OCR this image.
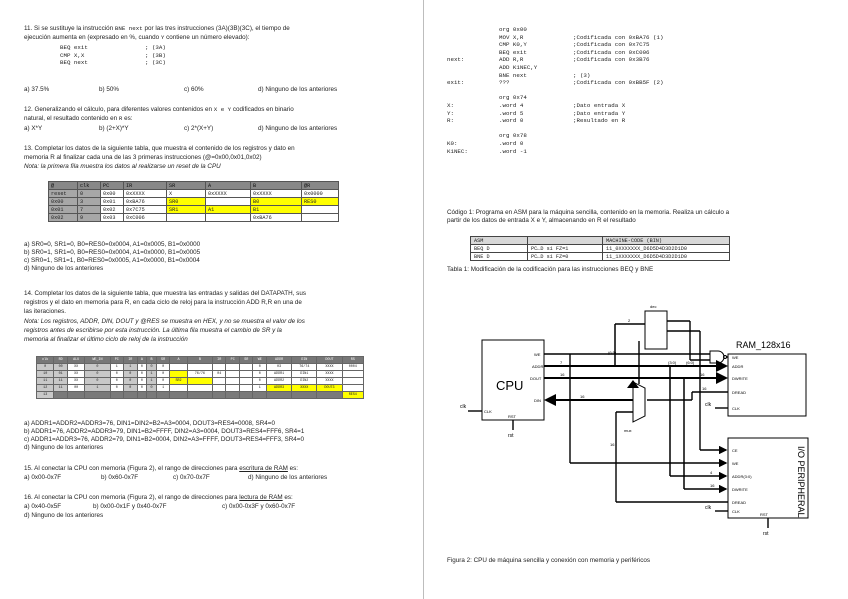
11. Si se sustituye la instrucción BNE next por las tres instrucciones (3A)(3B)(3C), el tiempo de
ejecución aumenta en (expresado en %, cuando Y contiene un número elevado):
BEQ exit	; (3A)
CMP X,X	; (3B)
BEQ next	; (3C)
a) 37.5%	b) 50%	c) 60%	d) Ninguno de los anteriores
12. Generalizando el cálculo, para diferentes valores contenidos en X e Y codificados en binario
natural, el resultado contenido en R es:
a) X*Y	b) (2+X)*Y	c) 2*(X+Y)	d) Ninguno de los anteriores
13. Completar los datos de la siguiente tabla, que muestra el contenido de los registros y dato en
memoria R al finalizar cada una de las 3 primeras instrucciones (@=0x00,0x01,0x02)
Nota: la primera fila muestra los datos al realizarse un reset de la CPU
@	clk	PC	IR	SR	A	B	@R
reset	0	0x00	0xXXXX	X	0xXXXX	0xXXXX	0x0000
0x00	3	0x01	0xBA76	SR0		B0	RES0
0x01	7	0x02	0x7C75	SR1	A1	B1	
0x02	9	0x03	0xC006			0xBA76	
a) SR0=0, SR1=0, B0=RES0=0x0004, A1=0x0005, B1=0x0000
b) SR0=1, SR1=0, B0=RES0=0x0004, A1=0x0000, B1=0x0005
c) SR0=1, SR1=1, B0=RES0=0x0005, A1=0x0000, B1=0x0004
d) Ninguno de los anteriores
14. Completar los datos de la siguiente tabla, que muestra las entradas y salidas del DATAPATH, sus
registros y el dato en memoria para R, en cada ciclo de reloj para la instrucción ADD R,R en una de
las iteraciones.
Nota: Los registros, ADDR, DIN, DOUT y @RES se muestra en HEX, y no se muestra el valor de los
registros antes de escribirse por esta instrucción. La última fila muestra el cambio de SR y la
memoria al finalizar el último ciclo de reloj de la instrucción
clk	RD	ALU	WE_IN	PC	IR	A	B	SR	A	B	IR	PC	SR	WE	ADDR	DIN	DOUT	RS
0	00	XX	0	1	1	0	0	0						0	03	76/74	XXXX	0004
10	01	XX	0	0	0	0	1	0		76/76	04			0	ADDR1	DIN1	XXXX	
11	11	XX	0	0	0	0	1	0	SR2					0	ADDR2	DIN2	XXXX	
12	11	00	1	0	0	0	0	1						1	ADDR3	XXXX	DOUT3	
13																		RES4
a) ADDR1=ADDR2=ADDR3=76, DIN1=DIN2=B2=A3=0004, DOUT3=RES4=0008, SR4=0
b) ADDR1=76, ADDR2=ADDR3=79, DIN1=B2=FFFF, DIN2=A3=0004, DOUT3=RES4=FFF6, SR4=1
c) ADDR1=ADDR3=76, ADDR2=79, DIN1=B2=0004, DIN2=A3=FFFF, DOUT3=RES4=FFF3, SR4=0
d) Ninguno de los anteriores
15. Al conectar la CPU con memoria (Figura 2), el rango de direcciones para escritura de RAM es:
a) 0x00-0x7F	b) 0x60-0x7F	c) 0x70-0x7F	d) Ninguno de los anteriores
16. Al conectar la CPU con memoria (Figura 2), el rango de direcciones para lectura de RAM es:
a) 0x40-0x5F	b) 0x00-0x1F y 0x40-0x7F	c) 0x00-0x3F y 0x60-0x7F
d) Ninguno de los anteriores
org 0x00
MOV X,R	;Codificada con 0xBA76 (1)
CMP K0,Y	;Codificada con 0x7C75
BEQ exit	;Codificada con 0xC006
next:	ADD R,R	;Codificada con 0x3B76
ADD K1NEC,Y
BNE next	; (3)
exit:	???	;Codificada con 0xBB5F (2)
org 0x74
X:	.word 4	;Dato entrada X
Y:	.word 5	;Dato entrada Y
R:	.word 0	;Resultado en R
org 0x78
K0:	.word 0
K1NEC:	.word -1
Código 1: Programa en ASM para la máquina sencilla, contenido en la memoria. Realiza un cálculo a
partir de los datos de entrada X e Y, almacenando en R el resultado
ASM		MACHINE-CODE (BIN)
BEQ D	PC←D si FZ=1	11_0XXXXXXX_D6D5D4D3D2D1D0
BNE D	PC←D si FZ=0	11_1XXXXXXX_D6D5D4D3D2D1D0
Tabla 1: Modificación de la codificación para las instrucciones BEQ y BNE
CPU
RAM_128x16
dec
mux
I/O PERIPHERAL
clk	clk
clk
rst
rst
WE
ADDR
DOUT
DIN
CLK
RST
WE
ADDR
DWRITE
DREAD
CLK
CE
WE
ADDR(3:0)
DWRITE
DREAD
CLK
RST
16
7
16
16
16
4
16
16
2
(6:5)
(3:0) (6:0)
Figura 2: CPU de máquina sencilla y conexión con memoria y periféricos
